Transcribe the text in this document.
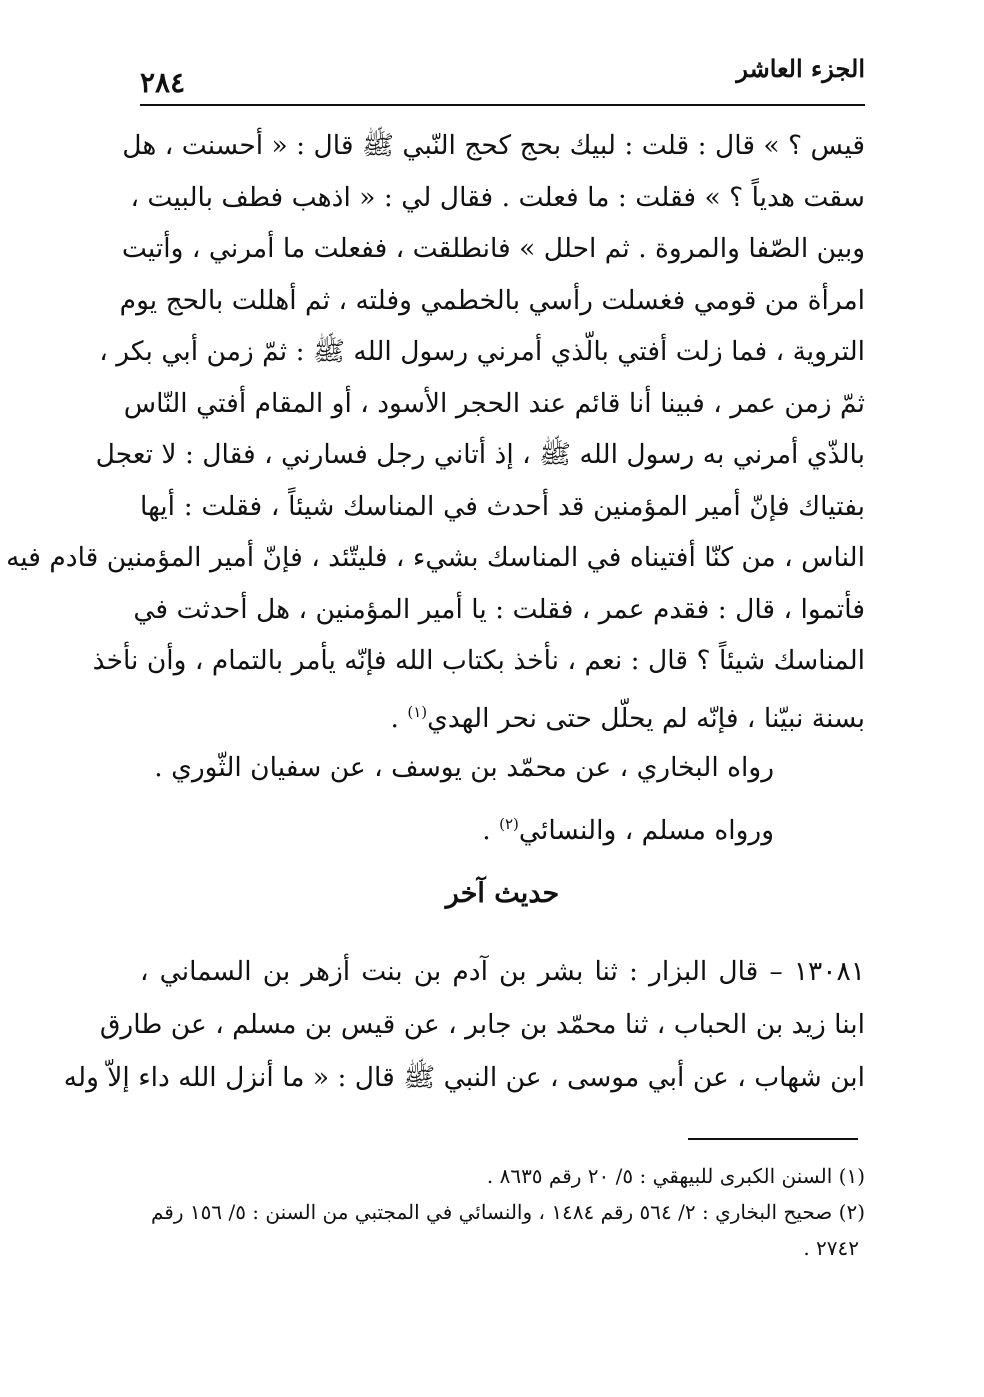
الجزء العاشر
٢٨٤
قيس ؟ » قال : قلت : لبيك بحج كحج النّبي ﷺ قال : « أحسنت ، هل
سقت هدياً ؟ » فقلت : ما فعلت . فقال لي : « اذهب فطف بالبيت ،
وبين الصّفا والمروة . ثم احلل » فانطلقت ، ففعلت ما أمرني ، وأتيت
امرأة من قومي فغسلت رأسي بالخطمي وفلته ، ثم أهللت بالحج يوم
التروية ، فما زلت أفتي بالّذي أمرني رسول الله ﷺ : ثمّ زمن أبي بكر ،
ثمّ زمن عمر ، فبينا أنا قائم عند الحجر الأسود ، أو المقام أفتي النّاس
بالذّي أمرني به رسول الله ﷺ ، إذ أتاني رجل فسارني ، فقال : لا تعجل
بفتياك فإنّ أمير المؤمنين قد أحدث في المناسك شيئاً ، فقلت : أيها
الناس ، من كنّا أفتيناه في المناسك بشيء ، فليتّئد ، فإنّ أمير المؤمنين قادم فيه
فأتموا ، قال : فقدم عمر ، فقلت : يا أمير المؤمنين ، هل أحدثت في
المناسك شيئاً ؟ قال : نعم ، نأخذ بكتاب الله فإنّه يأمر بالتمام ، وأن نأخذ
بسنة نبيّنا ، فإنّه لم يحلّل حتى نحر الهدي$^{(١)}$ .
رواه البخاري ، عن محمّد بن يوسف ، عن سفيان الثّوري .
ورواه مسلم ، والنسائي$^{(٢)}$ .
حديث آخر
١٣٠٨١ – قال البزار : ثنا بشر بن آدم بن بنت أزهر بن السماني ،
ابنا زيد بن الحباب ، ثنا محمّد بن جابر ، عن قيس بن مسلم ، عن طارق
ابن شهاب ، عن أبي موسى ، عن النبي ﷺ قال : « ما أنزل الله داء إلاّ وله
(١) السنن الكبرى للبيهقي : ٥/ ٢٠ رقم ٨٦٣٥ .
(٢) صحيح البخاري : ٢/ ٥٦٤ رقم ١٤٨٤ ، والنسائي في المجتبي من السنن : ٥/ ١٥٦ رقم
٢٧٤٢ .
